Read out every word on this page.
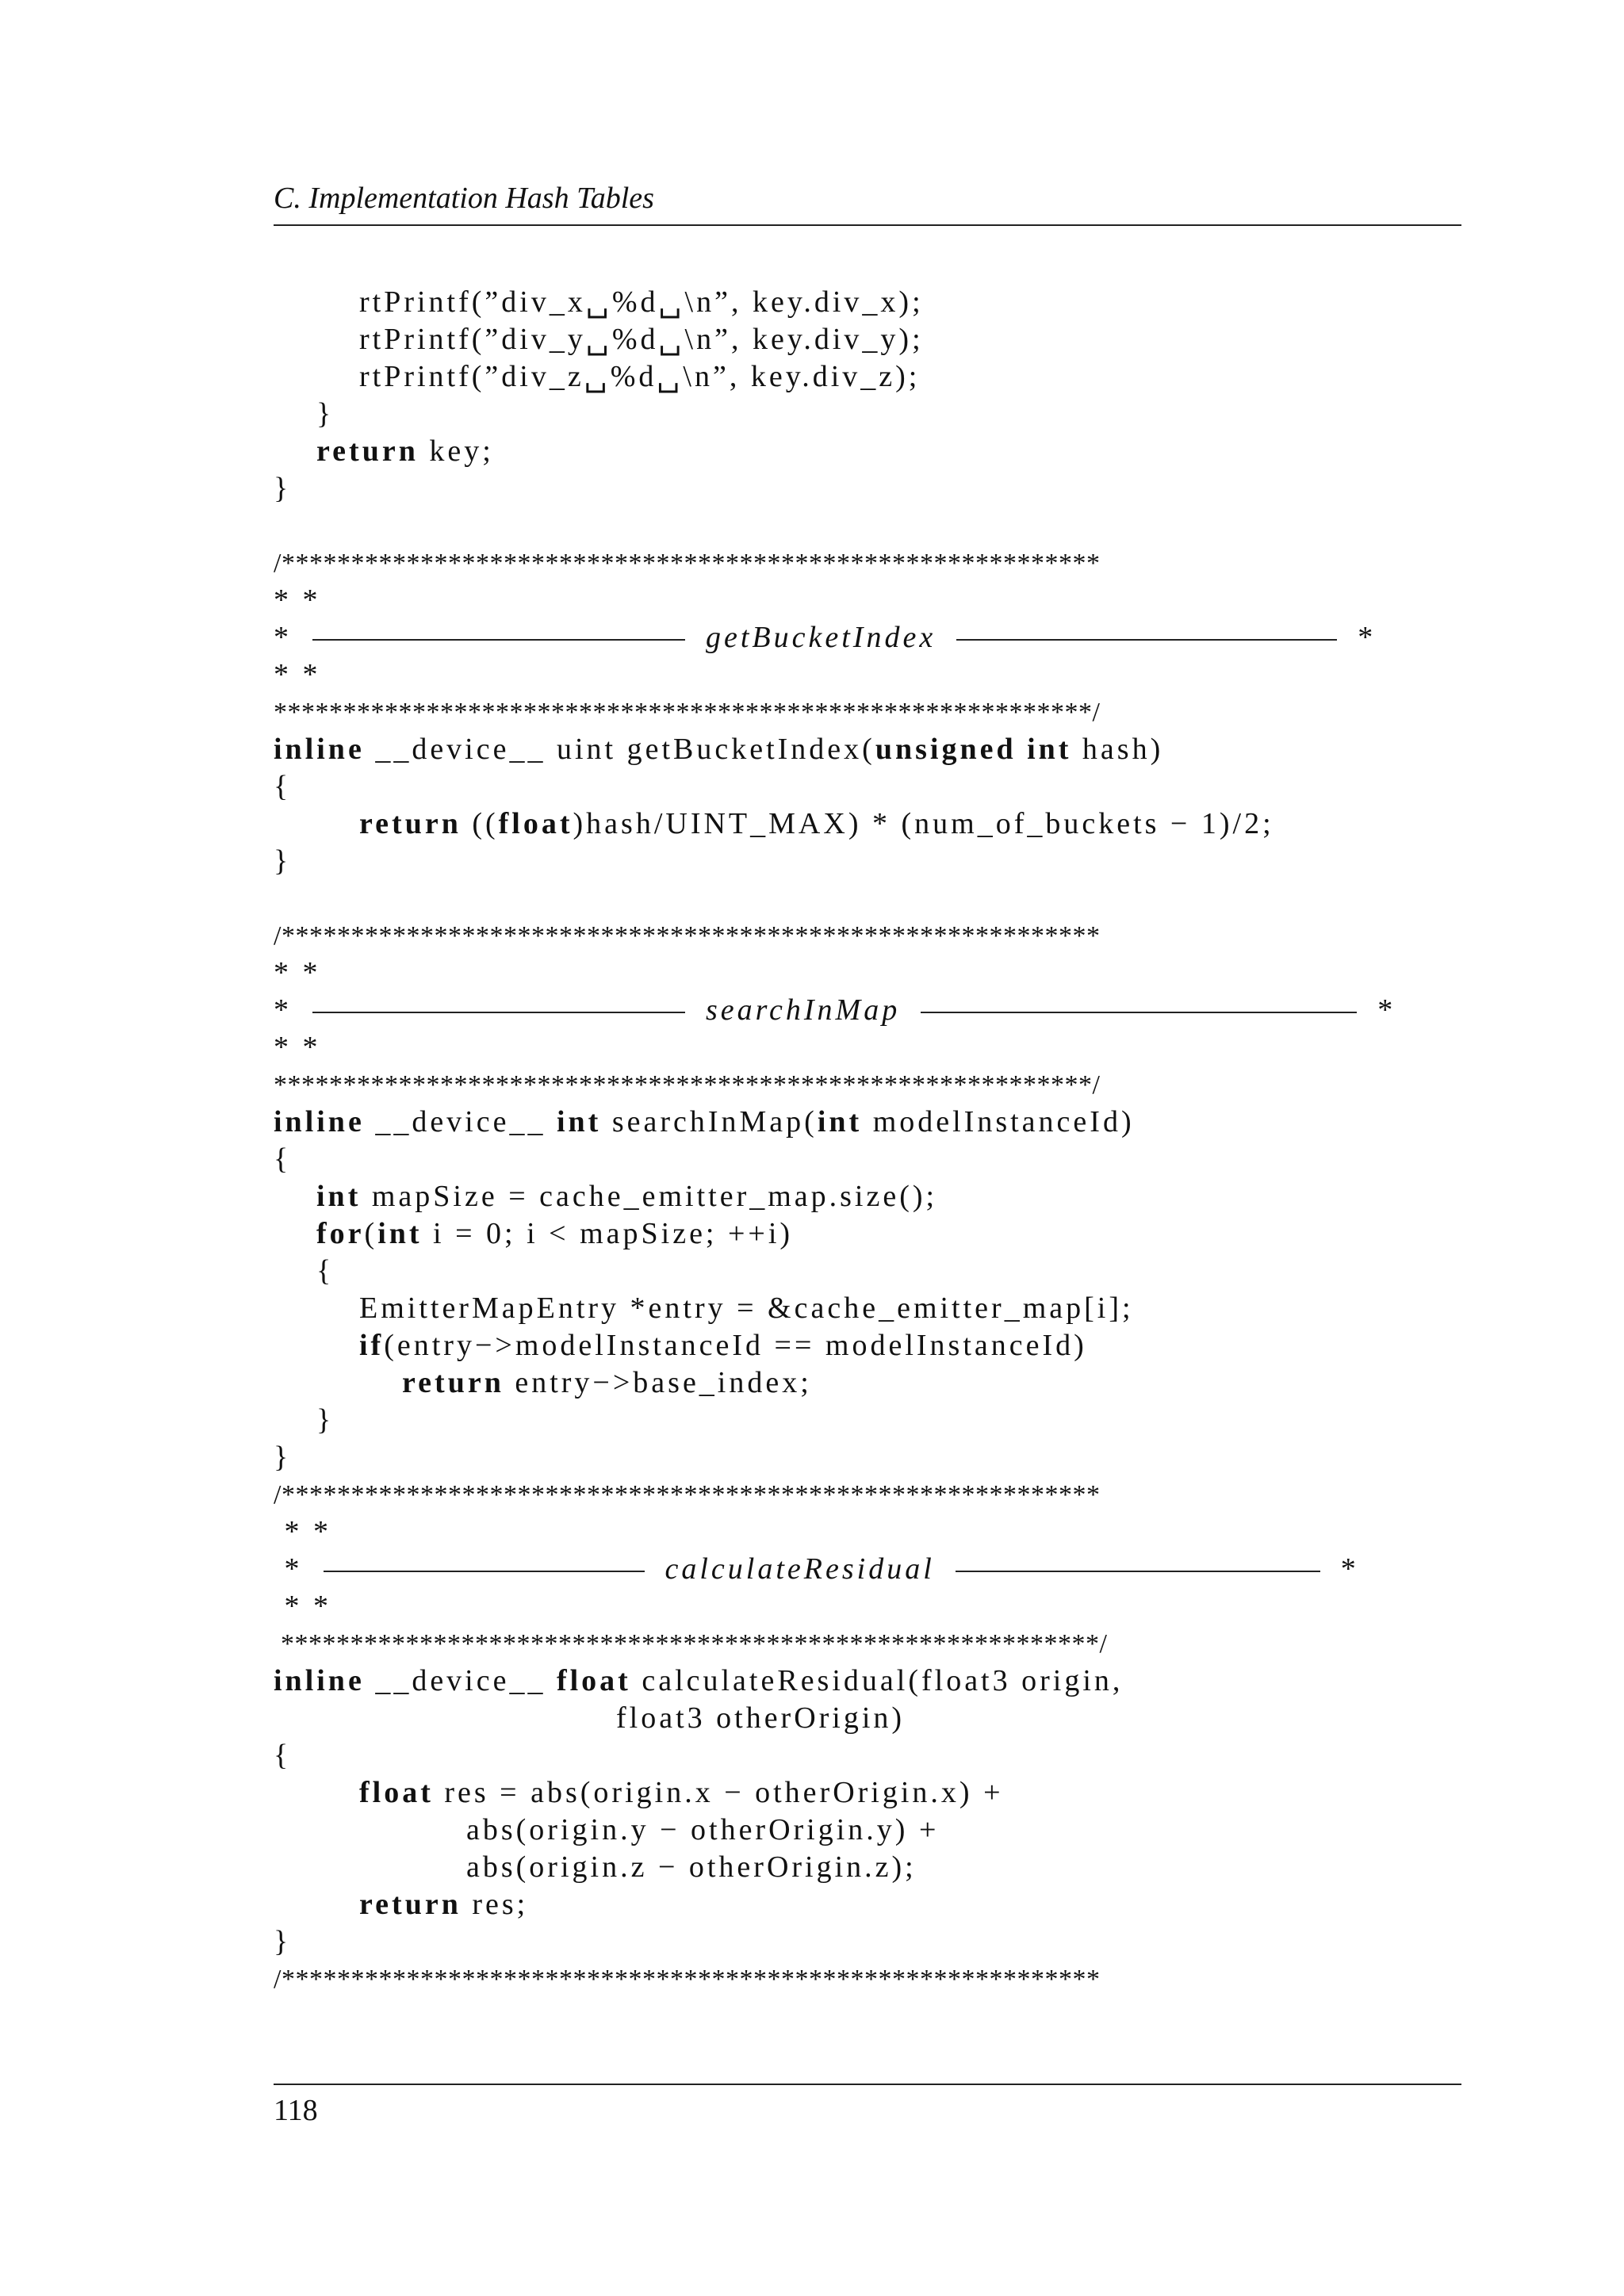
C. Implementation Hash Tables
rtPrintf(”div_x␣%d␣\n”, key.div_x);
rtPrintf(”div_y␣%d␣\n”, key.div_y);
rtPrintf(”div_z␣%d␣\n”, key.div_z);
}
return key;
}
/***********************************************************
* *
*	getBucketIndex	*
* *
***********************************************************/
inline __device__ uint getBucketIndex(unsigned int hash)
{
return ((float)hash/UINT_MAX) * (num_of_buckets − 1)/2;
}
/***********************************************************
* *
*	searchInMap	*
* *
***********************************************************/
inline __device__ int searchInMap(int modelInstanceId)
{
int mapSize = cache_emitter_map.size();
for(int i = 0; i < mapSize; ++i)
{
EmitterMapEntry *entry = &cache_emitter_map[i];
if(entry−>modelInstanceId == modelInstanceId)
return entry−>base_index;
}
}
/***********************************************************
* *
*	calculateResidual	*
* *
***********************************************************/
inline __device__ float calculateResidual(float3 origin,
float3 otherOrigin)
{
float res = abs(origin.x − otherOrigin.x) +
abs(origin.y − otherOrigin.y) +
abs(origin.z − otherOrigin.z);
return res;
}
/***********************************************************
118
